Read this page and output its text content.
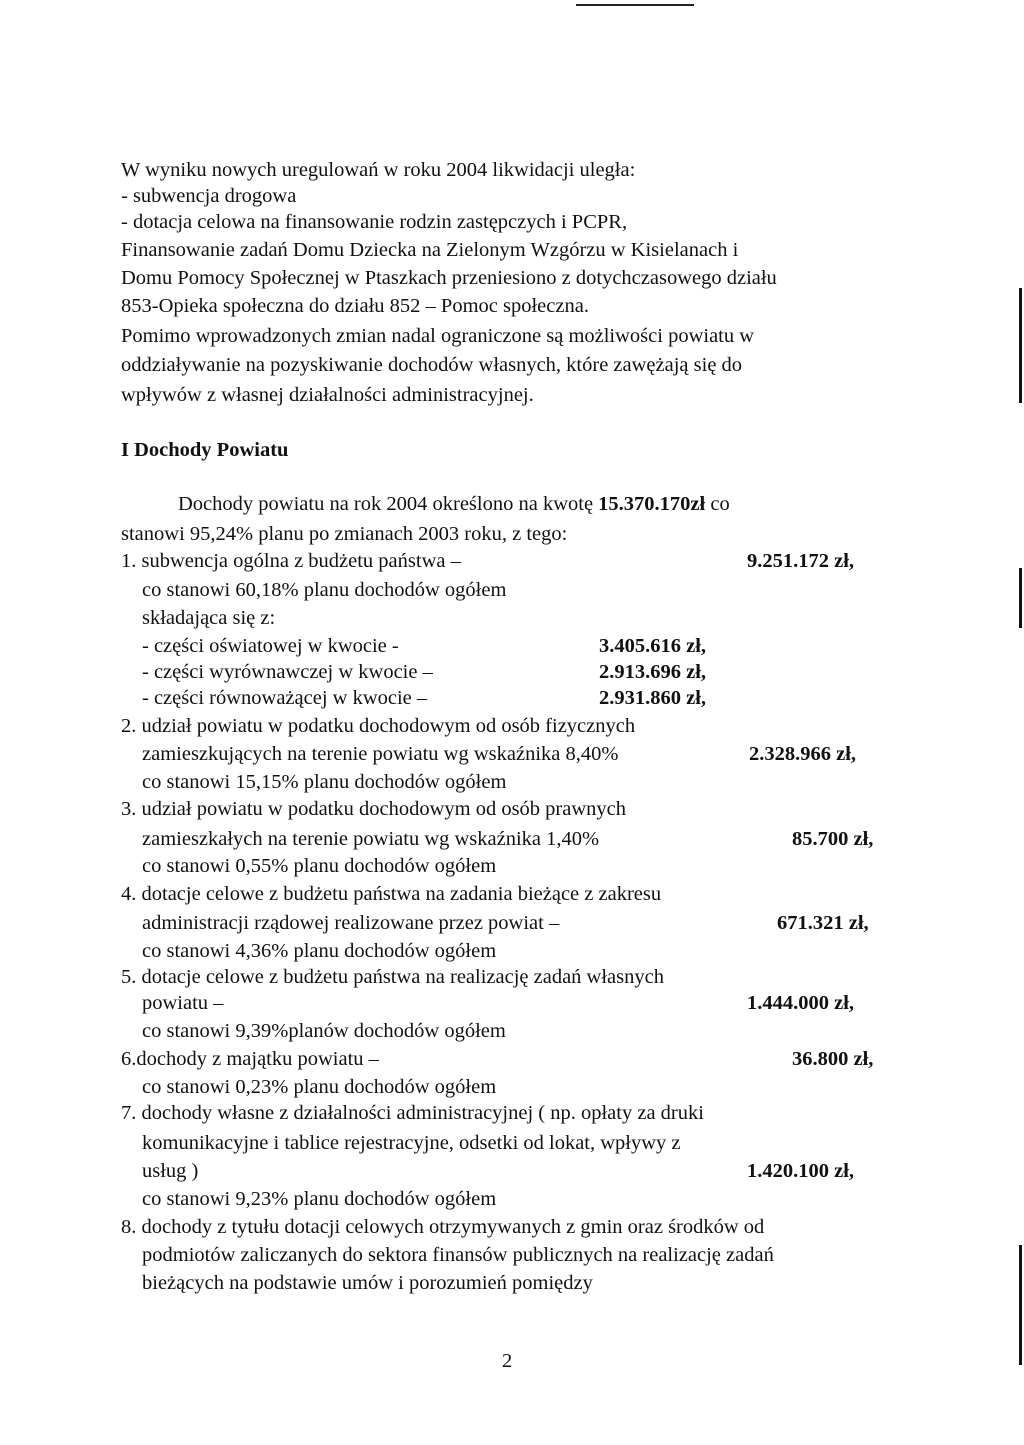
W wyniku nowych uregulowań w roku 2004 likwidacji uległa:
- subwencja drogowa
- dotacja celowa na finansowanie rodzin zastępczych i PCPR,
Finansowanie zadań Domu Dziecka na Zielonym Wzgórzu w Kisielanach i
Domu Pomocy Społecznej w Ptaszkach przeniesiono z dotychczasowego działu
853-Opieka społeczna do działu 852 – Pomoc społeczna.
Pomimo wprowadzonych zmian nadal ograniczone są możliwości powiatu w
oddziaływanie na pozyskiwanie dochodów własnych, które zawężają się do
wpływów z własnej działalności administracyjnej.
I Dochody Powiatu
Dochody powiatu na rok 2004 określono na kwotę 15.370.170zł co
stanowi 95,24% planu po zmianach 2003 roku, z tego:
1. subwencja ogólna z budżetu państwa –	9.251.172 zł,
co stanowi 60,18% planu dochodów ogółem
składająca się z:
- części oświatowej w kwocie -	3.405.616 zł,
- części wyrównawczej w kwocie –	2.913.696 zł,
- części równoważącej w kwocie –	2.931.860 zł,
2. udział powiatu w podatku dochodowym od osób fizycznych
zamieszkujących na terenie powiatu wg wskaźnika 8,40%	2.328.966 zł,
co stanowi 15,15% planu dochodów ogółem
3. udział powiatu w podatku dochodowym od osób prawnych
zamieszkałych na terenie powiatu wg wskaźnika 1,40%	85.700 zł,
co stanowi 0,55% planu dochodów ogółem
4. dotacje celowe z budżetu państwa na zadania bieżące z zakresu
administracji rządowej realizowane przez powiat –	671.321 zł,
co stanowi 4,36% planu dochodów ogółem
5. dotacje celowe z budżetu państwa na realizację zadań własnych
powiatu –	1.444.000 zł,
co stanowi 9,39%planów dochodów ogółem
6.dochody z majątku powiatu –	36.800 zł,
co stanowi 0,23% planu dochodów ogółem
7. dochody własne z działalności administracyjnej ( np. opłaty za druki
komunikacyjne i tablice rejestracyjne, odsetki od lokat, wpływy z
usług )	1.420.100 zł,
co stanowi 9,23% planu dochodów ogółem
8. dochody z tytułu dotacji celowych otrzymywanych z gmin oraz środków od
podmiotów zaliczanych do sektora finansów publicznych na realizację zadań
bieżących na podstawie umów i porozumień pomiędzy
2
